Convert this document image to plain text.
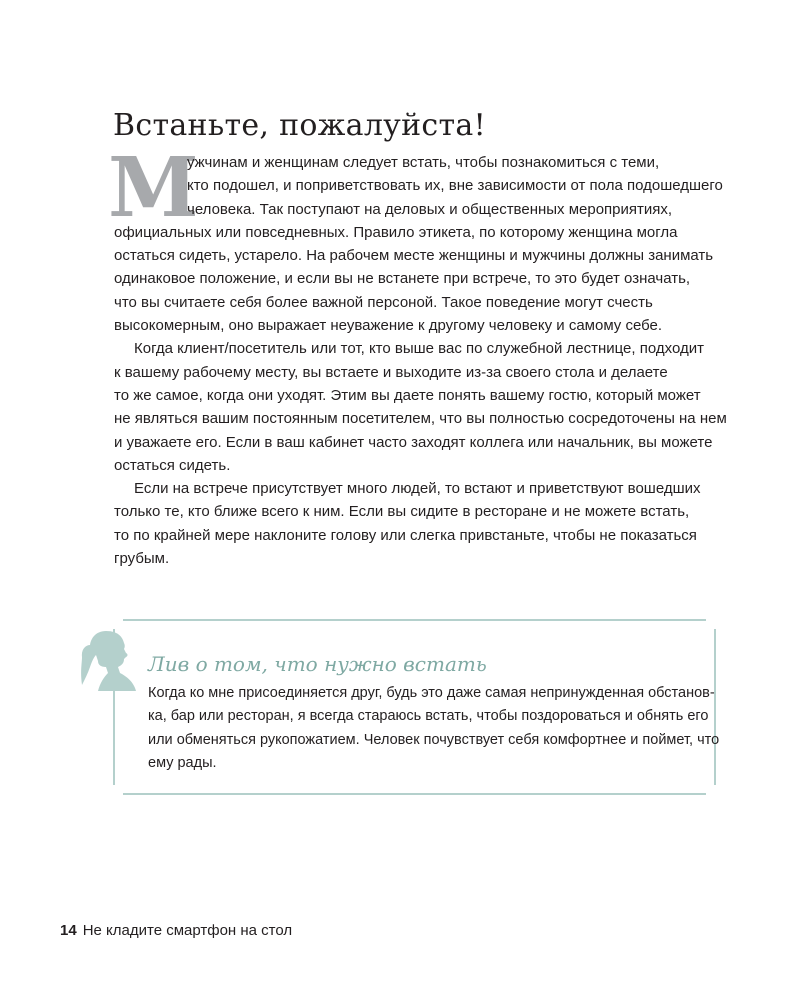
Встаньте, пожалуйста!
М
ужчинам и женщинам следует встать, чтобы познакомиться с теми,
кто подошел, и поприветствовать их, вне зависимости от пола подошедшего
человека. Так поступают на деловых и общественных мероприятиях,
официальных или повседневных. Правило этикета, по которому женщина могла
остаться сидеть, устарело. На рабочем месте женщины и мужчины должны занимать
одинаковое положение, и если вы не встанете при встрече, то это будет означать,
что вы считаете себя более важной персоной. Такое поведение могут счесть
высокомерным, оно выражает неуважение к другому человеку и самому себе.
Когда клиент/посетитель или тот, кто выше вас по служебной лестнице, подходит
к вашему рабочему месту, вы встаете и выходите из-за своего стола и делаете
то же самое, когда они уходят. Этим вы даете понять вашему гостю, который может
не являться вашим постоянным посетителем, что вы полностью сосредоточены на нем
и уважаете его. Если в ваш кабинет часто заходят коллега или начальник, вы можете
остаться сидеть.
Если на встрече присутствует много людей, то встают и приветствуют вошедших
только те, кто ближе всего к ним. Если вы сидите в ресторане и не можете встать,
то по крайней мере наклоните голову или слегка привстаньте, чтобы не показаться
грубым.
Лив о том, что нужно встать
Когда ко мне присоединяется друг, будь это даже самая непринужденная обстанов-
ка, бар или ресторан, я всегда стараюсь встать, чтобы поздороваться и обнять его
или обменяться рукопожатием. Человек почувствует себя комфортнее и поймет, что
ему рады.
14 Не кладите смартфон на стол
